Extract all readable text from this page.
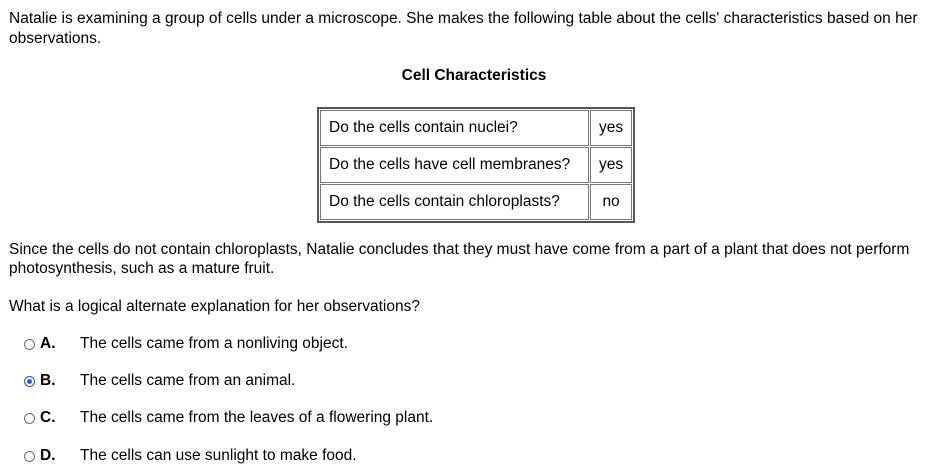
Natalie is examining a group of cells under a microscope. She makes the following table about the cells' characteristics based on her observations.

Cell Characteristics

Do the cells contain nuclei?	yes
Do the cells have cell membranes?	yes
Do the cells contain chloroplasts?	no

Since the cells do not contain chloroplasts, Natalie concludes that they must have come from a part of a plant that does not perform photosynthesis, such as a mature fruit.

What is a logical alternate explanation for her observations?

A.	The cells came from a nonliving object.
B.	The cells came from an animal.
C.	The cells came from the leaves of a flowering plant.
D.	The cells can use sunlight to make food.
